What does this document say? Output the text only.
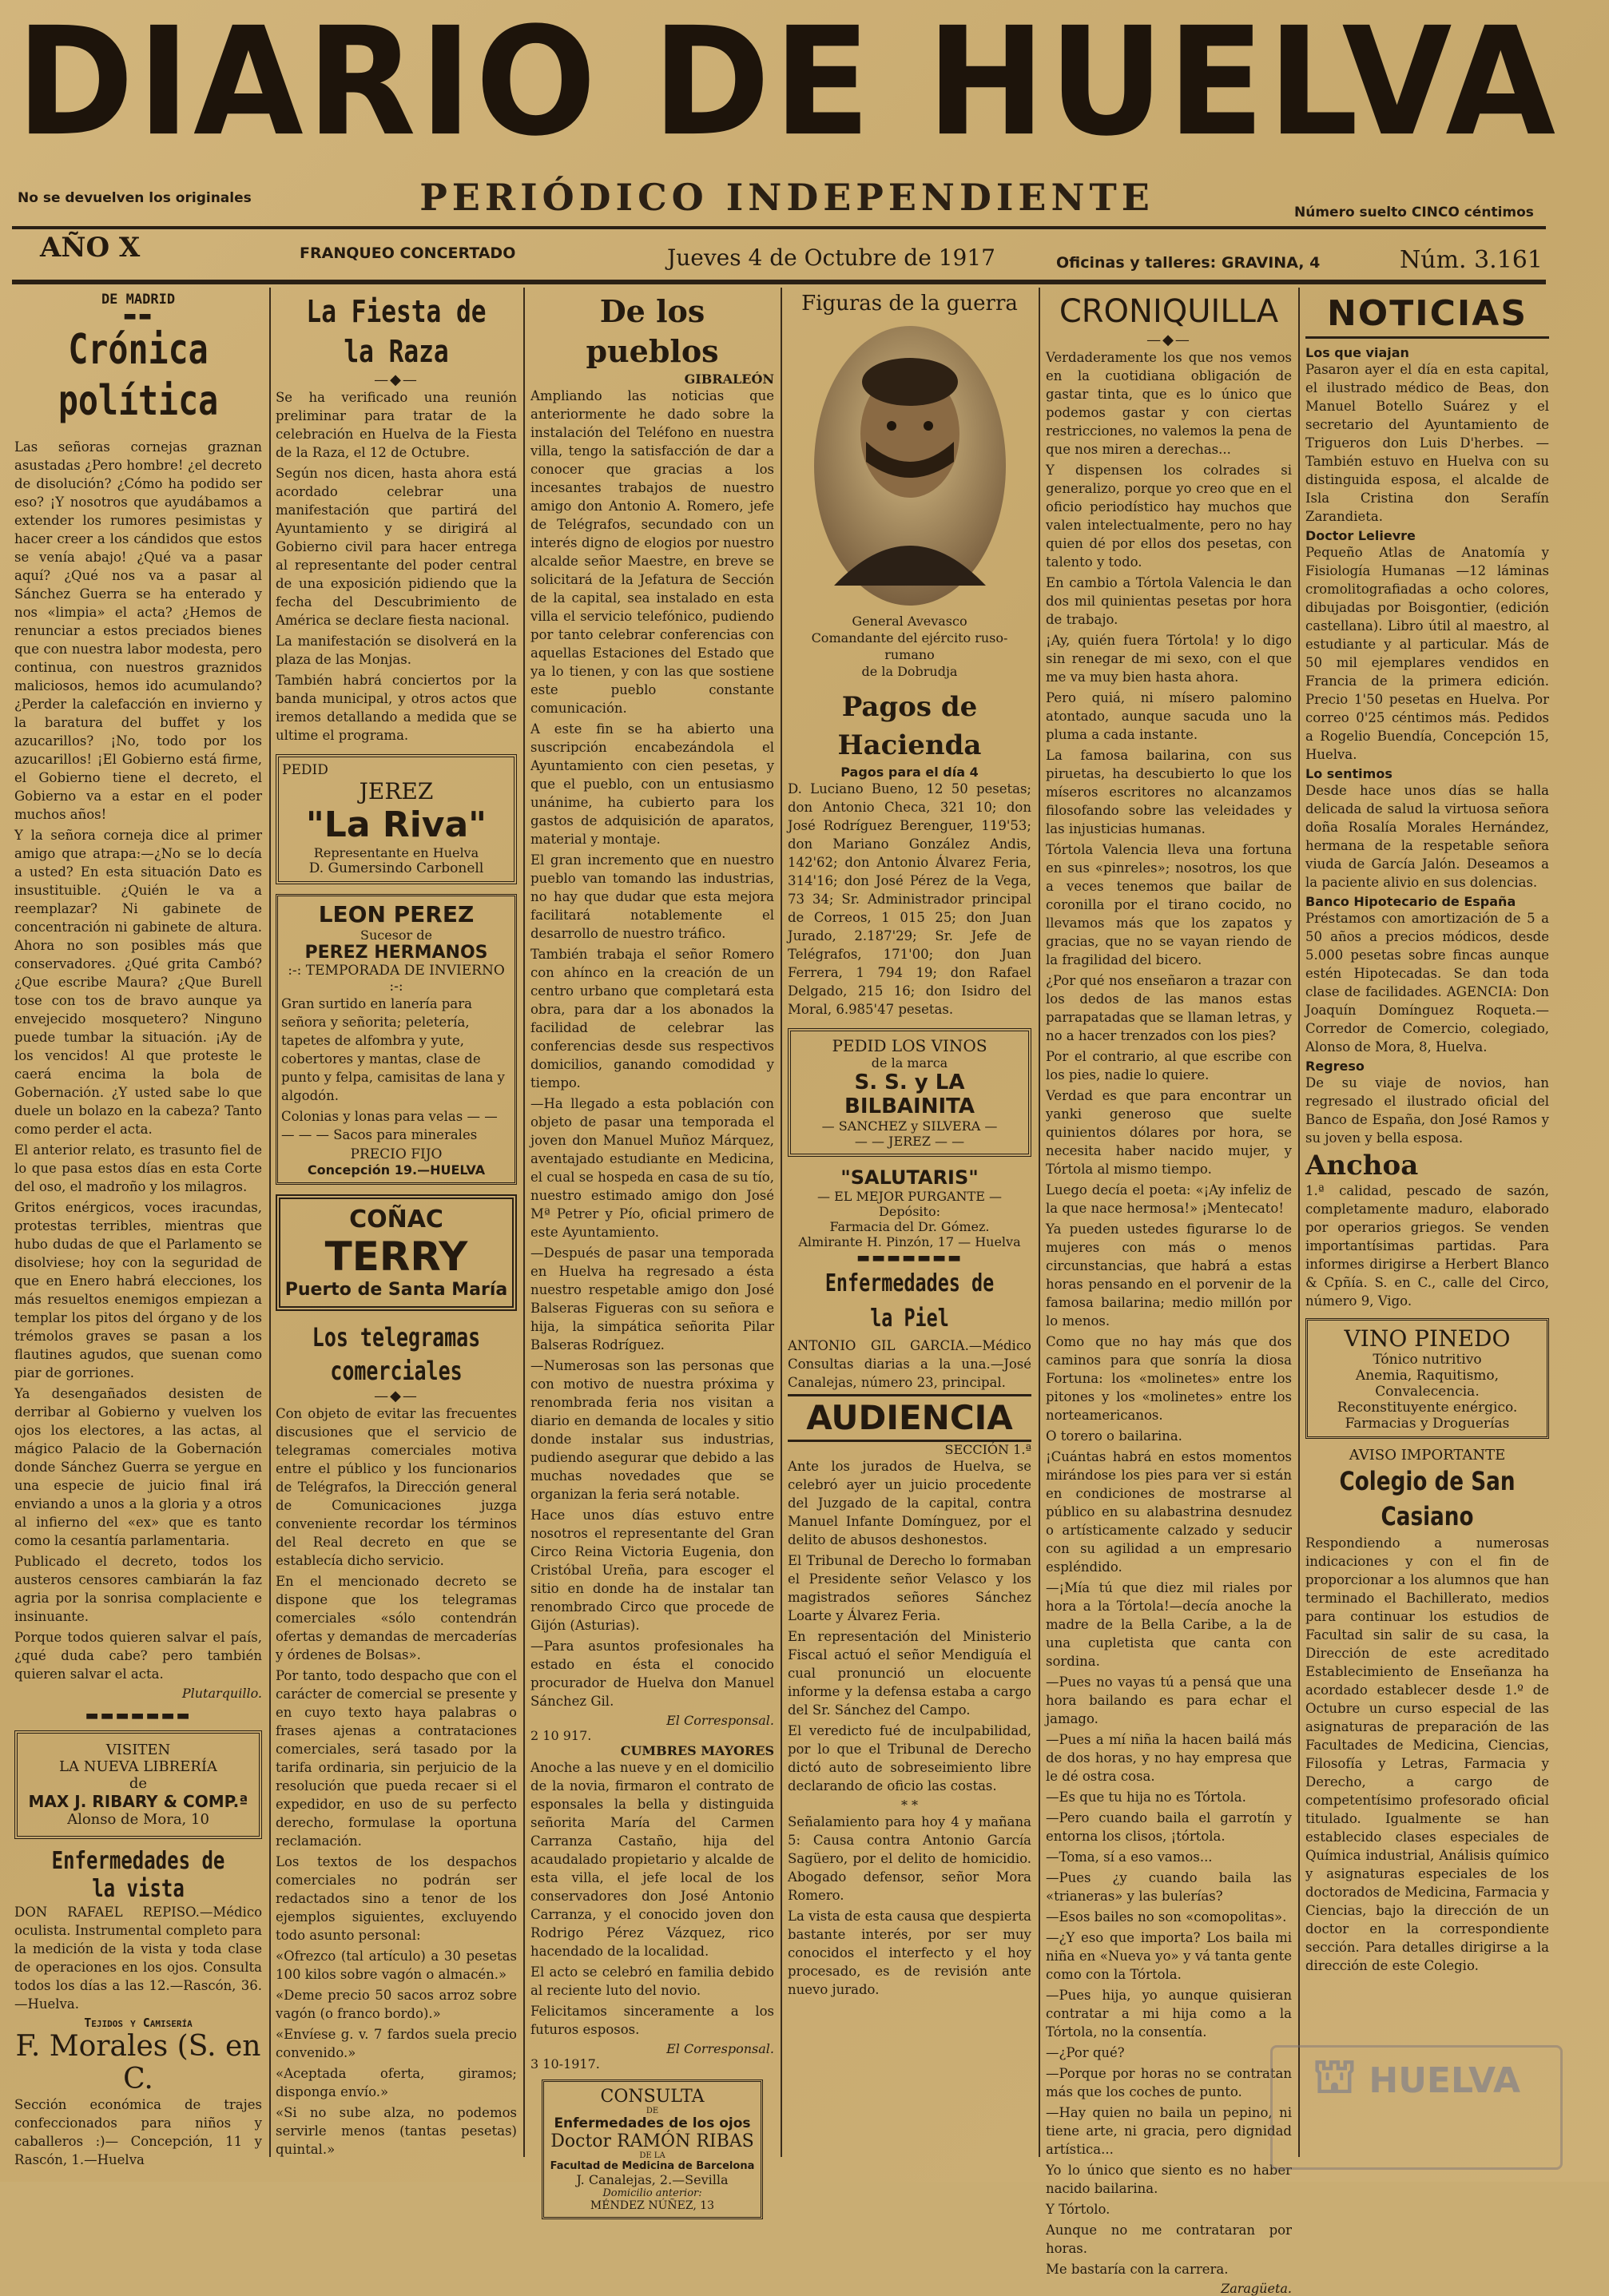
DIARIO DE HUELVA
PERIÓDICO INDEPENDIENTE
No se devuelven los originales
Número suelto CINCO céntimos
AÑO X	FRANQUEO CONCERTADO	Jueves 4 de Octubre de 1917	Oficinas y talleres: GRAVINA, 4	Núm. 3.161
DE MADRID
▬▬
Crónica política

Las señoras cornejas graznan asustadas ¿Pero hombre! ¿el decreto de disolución? ¿Cómo ha podido ser eso? ¡Y nosotros que ayudábamos a extender los rumores pesimistas y hacer creer a los cándidos que estos se venía abajo! ¿Qué va a pasar aquí? ¿Qué nos va a pasar al Sánchez Guerra se ha enterado y nos «limpia» el acta? ¿Hemos de renunciar a estos preciados bienes que con nuestra labor modesta, pero continua, con nuestros graznidos maliciosos, hemos ido acumulando? ¿Perder la calefacción en invierno y la baratura del buffet y los azucarillos? ¡No, todo por los azucarillos! ¡El Gobierno está firme, el Gobierno tiene el decreto, el Gobierno va a estar en el poder muchos años!

Y la señora corneja dice al primer amigo que atrapa:—¿No se lo decía a usted? En esta situación Dato es insustituible. ¿Quién le va a reemplazar? Ni gabinete de concentración ni gabinete de altura. Ahora no son posibles más que conservadores. ¿Qué grita Cambó? ¿Que escribe Maura? ¿Que Burell tose con tos de bravo aunque ya envejecido mosquetero? Ninguno puede tumbar la situación. ¡Ay de los vencidos! Al que proteste le caerá encima la bola de Gobernación. ¿Y usted sabe lo que duele un bolazo en la cabeza? Tanto como perder el acta.

El anterior relato, es trasunto fiel de lo que pasa estos días en esta Corte del oso, el madroño y los milagros.

Gritos enérgicos, voces iracundas, protestas terribles, mientras que hubo dudas de que el Parlamento se disolviese; hoy con la seguridad de que en Enero habrá elecciones, los más resueltos enemigos empiezan a templar los pitos del órgano y de los trémolos graves se pasan a los flautines agudos, que suenan como piar de gorriones.

Ya desengañados desisten de derribar al Gobierno y vuelven los ojos los electores, a las actas, al mágico Palacio de la Gobernación donde Sánchez Guerra se yergue en una especie de juicio final irá enviando a unos a la gloria y a otros al infierno del «ex» que es tanto como la cesantía parlamentaria.

Publicado el decreto, todos los austeros censores cambiarán la faz agria por la sonrisa complaciente e insinuante.

Porque todos quieren salvar el país, ¿qué duda cabe? pero también quieren salvar el acta.

Plutarquillo.
▬▬▬▬▬▬▬
VISITEN
LA NUEVA LIBRERÍA
de
MAX J. RIBARY & COMP.ª
Alonso de Mora, 10
Enfermedades de la vista

DON RAFAEL REPISO.—Médico oculista. Instrumental completo para la medición de la vista y toda clase de operaciones en los ojos. Consulta todos los días a las 12.—Rascón, 36.—Huelva.

Tejidos y Camisería
F. Morales (S. en C.

Sección económica de trajes confeccionados para niños y caballeros :)— Concepción, 11 y Rascón, 1.—Huelva

La Fiesta de la Raza
—◆—

Se ha verificado una reunión preliminar para tratar de la celebración en Huelva de la Fiesta de la Raza, el 12 de Octubre.

Según nos dicen, hasta ahora está acordado celebrar una manifestación que partirá del Ayuntamiento y se dirigirá al Gobierno civil para hacer entrega al representante del poder central de una exposición pidiendo que la fecha del Descubrimiento de América se declare fiesta nacional.

La manifestación se disolverá en la plaza de las Monjas.

También habrá conciertos por la banda municipal, y otros actos que iremos detallando a medida que se ultime el programa.

PEDID
JEREZ
"La Riva"
Representante en Huelva
D. Gumersindo Carbonell
LEON PEREZ
Sucesor de
PEREZ HERMANOS
:-: TEMPORADA DE INVIERNO :-:

Gran surtido en lanería para señora y señorita; peletería, tapetes de alfombra y yute, cobertores y mantas, clase de punto y felpa, camisitas de lana y algodón.

Colonias y lonas para velas — — — — — Sacos para minerales

PRECIO FIJO
Concepción 19.—HUELVA
COÑAC
TERRY
Puerto de Santa María
Los telegramas comerciales
—◆—

Con objeto de evitar las frecuentes discusiones que el servicio de telegramas comerciales motiva entre el público y los funcionarios de Telégrafos, la Dirección general de Comunicaciones juzga conveniente recordar los términos del Real decreto en que se establecía dicho servicio.

En el mencionado decreto se dispone que los telegramas comerciales «sólo contendrán ofertas y demandas de mercaderías y órdenes de Bolsas».

Por tanto, todo despacho que con el carácter de comercial se presente y en cuyo texto haya palabras o frases ajenas a contrataciones comerciales, será tasado por la tarifa ordinaria, sin perjuicio de la resolución que pueda recaer si el expedidor, en uso de su perfecto derecho, formulase la oportuna reclamación.

Los textos de los despachos comerciales no podrán ser redactados sino a tenor de los ejemplos siguientes, excluyendo todo asunto personal:

«Ofrezco (tal artículo) a 30 pesetas 100 kilos sobre vagón o almacén.»

«Deme precio 50 sacos arroz sobre vagón (o franco bordo).»

«Envíese g. v. 7 fardos suela precio convenido.»

«Aceptada oferta, giramos; disponga envío.»

«Si no sube alza, no podemos servirle menos (tantas pesetas) quintal.»

De los pueblos
GIBRALEÓN

Ampliando las noticias que anteriormente he dado sobre la instalación del Teléfono en nuestra villa, tengo la satisfacción de dar a conocer que gracias a los incesantes trabajos de nuestro amigo don Antonio A. Romero, jefe de Telégrafos, secundado con un interés digno de elogios por nuestro alcalde señor Maestre, en breve se solicitará de la Jefatura de Sección de la capital, sea instalado en esta villa el servicio telefónico, pudiendo por tanto celebrar conferencias con aquellas Estaciones del Estado que ya lo tienen, y con las que sostiene este pueblo constante comunicación.

A este fin se ha abierto una suscripción encabezándola el Ayuntamiento con cien pesetas, y que el pueblo, con un entusiasmo unánime, ha cubierto para los gastos de adquisición de aparatos, material y montaje.

El gran incremento que en nuestro pueblo van tomando las industrias, no hay que dudar que esta mejora facilitará notablemente el desarrollo de nuestro tráfico.

También trabaja el señor Romero con ahínco en la creación de un centro urbano que completará esta obra, para dar a los abonados la facilidad de celebrar las conferencias desde sus respectivos domicilios, ganando comodidad y tiempo.

—Ha llegado a esta población con objeto de pasar una temporada el joven don Manuel Muñoz Márquez, aventajado estudiante en Medicina, el cual se hospeda en casa de su tío, nuestro estimado amigo don José Mª Petrer y Pío, oficial primero de este Ayuntamiento.

—Después de pasar una temporada en Huelva ha regresado a ésta nuestro respetable amigo don José Balseras Figueras con su señora e hija, la simpática señorita Pilar Balseras Rodríguez.

—Numerosas son las personas que con motivo de nuestra próxima y renombrada feria nos visitan a diario en demanda de locales y sitio donde instalar sus industrias, pudiendo asegurar que debido a las muchas novedades que se organizan la feria será notable.

Hace unos días estuvo entre nosotros el representante del Gran Circo Reina Victoria Eugenia, don Cristóbal Ureña, para escoger el sitio en donde ha de instalar tan renombrado Circo que procede de Gijón (Asturias).

—Para asuntos profesionales ha estado en ésta el conocido procurador de Huelva don Manuel Sánchez Gil.

El Corresponsal.
2 10 917.
CUMBRES MAYORES

Anoche a las nueve y en el domicilio de la novia, firmaron el contrato de esponsales la bella y distinguida señorita María del Carmen Carranza Castaño, hija del acaudalado propietario y alcalde de esta villa, el jefe local de los conservadores don José Antonio Carranza, y el conocido joven don Rodrigo Pérez Vázquez, rico hacendado de la localidad.

El acto se celebró en familia debido al reciente luto del novio.

Felicitamos sinceramente a los futuros esposos.

El Corresponsal.
3 10-1917.
CONSULTA
DE
Enfermedades de los ojos
Doctor RAMÓN RIBAS
DE LA
Facultad de Medicina de Barcelona
J. Canalejas, 2.—Sevilla
Domicilio anterior:
MÉNDEZ NÚÑEZ, 13
Figuras de la guerra
General Avevasco
Comandante del ejército ruso-rumano
de la Dobrudja
Pagos de Hacienda
Pagos para el día 4

D. Luciano Bueno, 12 50 pesetas; don Antonio Checa, 321 10; don José Rodríguez Berenguer, 119'53; don Mariano González Andis, 142'62; don Antonio Álvarez Feria, 314'16; don José Pérez de la Vega, 73 34; Sr. Administrador principal de Correos, 1 015 25; don Juan Jurado, 2.187'29; Sr. Jefe de Telégrafos, 171'00; don Juan Ferrera, 1 794 19; don Rafael Delgado, 215 16; don Isidro del Moral, 6.985'47 pesetas.

PEDID LOS VINOS
de la marca
S. S. y LA BILBAINITA
— SANCHEZ y SILVERA —
— — JEREZ — —
"SALUTARIS"
— EL MEJOR PURGANTE —
Depósito:
Farmacia del Dr. Gómez.
Almirante H. Pinzón, 17 — Huelva
▬▬▬▬▬▬▬
Enfermedades de la Piel

ANTONIO GIL GARCIA.—Médico Consultas diarias a la una.—José Canalejas, número 23, principal.

AUDIENCIA
SECCIÓN 1.ª

Ante los jurados de Huelva, se celebró ayer un juicio procedente del Juzgado de la capital, contra Manuel Infante Domínguez, por el delito de abusos deshonestos.

El Tribunal de Derecho lo formaban el Presidente señor Velasco y los magistrados señores Sánchez Loarte y Álvarez Feria.

En representación del Ministerio Fiscal actuó el señor Mendiguía el cual pronunció un elocuente informe y la defensa estaba a cargo del Sr. Sánchez del Campo.

El veredicto fué de inculpabilidad, por lo que el Tribunal de Derecho dictó auto de sobreseimiento libre declarando de oficio las costas.

* *

Señalamiento para hoy 4 y mañana 5: Causa contra Antonio García Sagüero, por el delito de homicidio. Abogado defensor, señor Mora Romero.

La vista de esta causa que despierta bastante interés, por ser muy conocidos el interfecto y el hoy procesado, es de revisión ante nuevo jurado.

CRONIQUILLA
—◆—

Verdaderamente los que nos vemos en la cuotidiana obligación de gastar tinta, que es lo único que podemos gastar y con ciertas restricciones, no valemos la pena de que nos miren a derechas...

Y dispensen los colrades si generalizo, porque yo creo que en el oficio periodístico hay muchos que valen intelectualmente, pero no hay quien dé por ellos dos pesetas, con talento y todo.

En cambio a Tórtola Valencia le dan dos mil quinientas pesetas por hora de trabajo.

¡Ay, quién fuera Tórtola! y lo digo sin renegar de mi sexo, con el que me va muy bien hasta ahora.

Pero quiá, ni mísero palomino atontado, aunque sacuda uno la pluma a cada instante.

La famosa bailarina, con sus piruetas, ha descubierto lo que los míseros escritores no alcanzamos filosofando sobre las veleidades y las injusticias humanas.

Tórtola Valencia lleva una fortuna en sus «pinreles»; nosotros, los que a veces tenemos que bailar de coronilla por el tirano cocido, no llevamos más que los zapatos y gracias, que no se vayan riendo de la fragilidad del bicero.

¿Por qué nos enseñaron a trazar con los dedos de las manos estas parrapatadas que se llaman letras, y no a hacer trenzados con los pies?

Por el contrario, al que escribe con los pies, nadie lo quiere.

Verdad es que para encontrar un yanki generoso que suelte quinientos dólares por hora, se necesita haber nacido mujer, y Tórtola al mismo tiempo.

Luego decía el poeta: «¡Ay infeliz de la que nace hermosa!» ¡Mentecato!

Ya pueden ustedes figurarse lo de mujeres con más o menos circunstancias, que habrá a estas horas pensando en el porvenir de la famosa bailarina; medio millón por lo menos.

Como que no hay más que dos caminos para que sonría la diosa Fortuna: los «molinetes» entre los pitones y los «molinetes» entre los norteamericanos.

O torero o bailarina.

¡Cuántas habrá en estos momentos mirándose los pies para ver si están en condiciones de mostrarse al público en su alabastrina desnudez o artísticamente calzado y seducir con su agilidad a un empresario espléndido.

—¡Mía tú que diez mil riales por hora a la Tórtola!—decía anoche la madre de la Bella Caribe, a la de una cupletista que canta con sordina.

—Pues no vayas tú a pensá que una hora bailando es para echar el jamago.

—Pues a mí niña la hacen bailá más de dos horas, y no hay empresa que le dé ostra cosa.

—Es que tu hija no es Tórtola.

—Pero cuando baila el garrotín y entorna los clisos, ¡tórtola.

—Toma, sí a eso vamos...

—Pues ¿y cuando baila las «trianeras» y las bulerías?

—Esos bailes no son «comopolitas».

—¿Y eso que importa? Los baila mi niña en «Nueva yo» y vá tanta gente como con la Tórtola.

—Pues hija, yo aunque quisieran contratar a mi hija como a la Tórtola, no la consentía.

—¿Por qué?

—Porque por horas no se contratan más que los coches de punto.

—Hay quien no baila un pepino, ni tiene arte, ni gracia, pero dignidad artística...

Yo lo único que siento es no haber nacido bailarina.

Y Tórtolo.

Aunque no me contrataran por horas.

Me bastaría con la carrera.

Zaragüeta.
NOTICIAS
Los que viajan

Pasaron ayer el día en esta capital, el ilustrado médico de Beas, don Manuel Botello Suárez y el secretario del Ayuntamiento de Trigueros don Luis D'herbes. —También estuvo en Huelva con su distinguida esposa, el alcalde de Isla Cristina don Serafín Zarandieta.

Doctor Lelievre

Pequeño Atlas de Anatomía y Fisiología Humanas —12 láminas cromolitografiadas a ocho colores, dibujadas por Boisgontier, (edición castellana). Libro útil al maestro, al estudiante y al particular. Más de 50 mil ejemplares vendidos en Francia de la primera edición. Precio 1'50 pesetas en Huelva. Por correo 0'25 céntimos más. Pedidos a Rogelio Buendía, Concepción 15, Huelva.

Lo sentimos

Desde hace unos días se halla delicada de salud la virtuosa señora doña Rosalía Morales Hernández, hermana de la respetable señora viuda de García Jalón. Deseamos a la paciente alivio en sus dolencias.

Banco Hipotecario de España

Préstamos con amortización de 5 a 50 años a precios módicos, desde 5.000 pesetas sobre fincas aunque estén Hipotecadas. Se dan toda clase de facilidades. AGENCIA: Don Joaquín Domínguez Roqueta.—Corredor de Comercio, colegiado, Alonso de Mora, 8, Huelva.

Regreso

De su viaje de novios, han regresado el ilustrado oficial del Banco de España, don José Ramos y su joven y bella esposa.

Anchoa

1.ª calidad, pescado de sazón, completamente maduro, elaborado por operarios griegos. Se venden importantísimas partidas. Para informes dirigirse a Herbert Blanco & Cpñía. S. en C., calle del Circo, número 9, Vigo.

VINO PINEDO
Tónico nutritivo
Anemia, Raquitismo, Convalecencia.
Reconstituyente enérgico.
Farmacias y Droguerías
AVISO IMPORTANTE
Colegio de San Casiano

Respondiendo a numerosas indicaciones y con el fin de proporcionar a los alumnos que han terminado el Bachillerato, medios para continuar los estudios de Facultad sin salir de su casa, la Dirección de este acreditado Establecimiento de Enseñanza ha acordado establecer desde 1.º de Octubre un curso especial de las asignaturas de preparación de las Facultades de Medicina, Ciencias, Filosofía y Letras, Farmacia y Derecho, a cargo de competentísimo profesorado oficial titulado. Igualmente se han establecido clases especiales de Química industrial, Análisis químico y asignaturas especiales de los doctorados de Medicina, Farmacia y Ciencias, bajo la dirección de un doctor en la correspondiente sección. Para detalles dirigirse a la dirección de este Colegio.

⛫ HUELVA
